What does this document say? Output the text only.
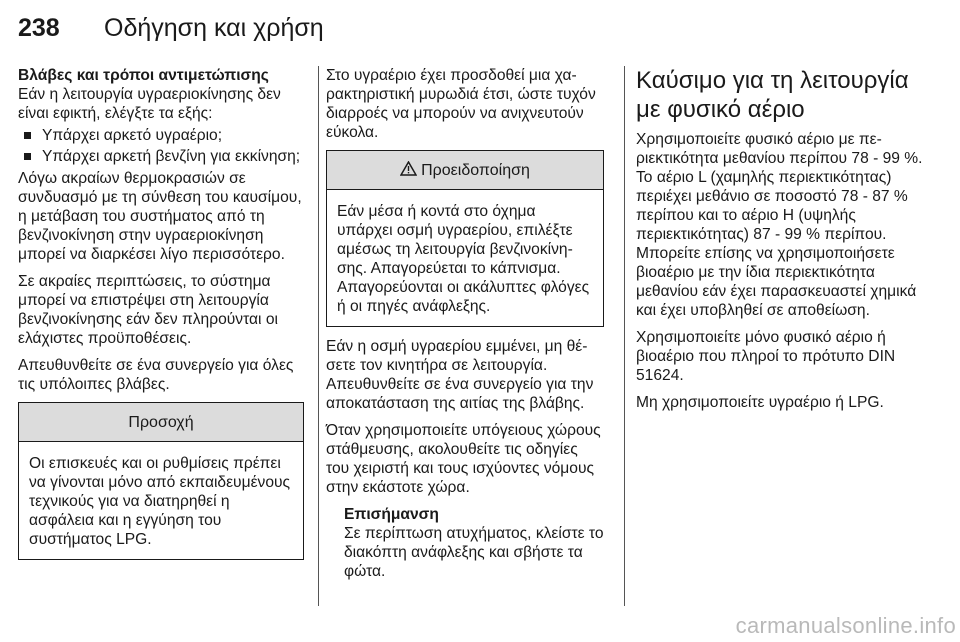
238	Οδήγηση και χρήση
Βλάβες και τρόποι αντιμετώπισης

Εάν η λειτουργία υγραεριοκίνησης δεν είναι εφικτή, ελέγξτε τα εξής:

Υπάρχει αρκετό υγραέριο;
Υπάρχει αρκετή βενζίνη για εκκίνηση;

Λόγω ακραίων θερμοκρασιών σε συνδυασμό με τη σύνθεση του καυσίμου, η μετάβαση του συστήματος από τη βενζινοκίνηση στην υγραεριοκίνηση μπορεί να διαρκέσει λίγο περισσότερο.

Σε ακραίες περιπτώσεις, το σύστημα μπορεί να επιστρέψει στη λειτουργία βενζινοκίνησης εάν δεν πληρούνται οι ελάχιστες προϋποθέσεις.

Απευθυνθείτε σε ένα συνεργείο για όλες τις υπόλοιπες βλάβες.

Προσοχή
Οι επισκευές και οι ρυθμίσεις πρέπει να γίνονται μόνο από εκπαιδευμένους τεχνικούς για να διατηρηθεί η ασφάλεια και η εγγύηση του συστήματος LPG.

Στο υγραέριο έχει προσδοθεί μια χαρακτηριστική μυρωδιά έτσι, ώστε τυχόν διαρροές να μπορούν να ανιχνευτούν εύκολα.

Προειδοποίηση
Εάν μέσα ή κοντά στο όχημα υπάρχει οσμή υγραερίου, επιλέξτε αμέσως τη λειτουργία βενζινοκίνησης. Απαγορεύεται το κάπνισμα. Απαγορεύονται οι ακάλυπτες φλόγες ή οι πηγές ανάφλεξης.

Εάν η οσμή υγραερίου εμμένει, μη θέσετε τον κινητήρα σε λειτουργία. Απευθυνθείτε σε ένα συνεργείο για την αποκατάσταση της αιτίας της βλάβης.

Όταν χρησιμοποιείτε υπόγειους χώρους στάθμευσης, ακολουθείτε τις οδηγίες του χειριστή και τους ισχύοντες νόμους στην εκάστοτε χώρα.

Επισήμανση
Σε περίπτωση ατυχήματος, κλείστε το διακόπτη ανάφλεξης και σβήστε τα φώτα.
Καύσιμο για τη λειτουργία με φυσικό αέριο

Χρησιμοποιείτε φυσικό αέριο με περιεκτικότητα μεθανίου περίπου 78 - 99 %. Το αέριο L (χαμηλής περιεκτικότητας) περιέχει μεθάνιο σε ποσοστό 78 - 87 % περίπου και το αέριο H (υψηλής περιεκτικότητας) 87 - 99 % περίπου. Μπορείτε επίσης να χρησιμοποιήσετε βιοαέριο με την ίδια περιεκτικότητα μεθανίου εάν έχει παρασκευαστεί χημικά και έχει υποβληθεί σε αποθείωση.

Χρησιμοποιείτε μόνο φυσικό αέριο ή βιοαέριο που πληροί το πρότυπο DIN 51624.

Μη χρησιμοποιείτε υγραέριο ή LPG.

carmanualsonline.info
